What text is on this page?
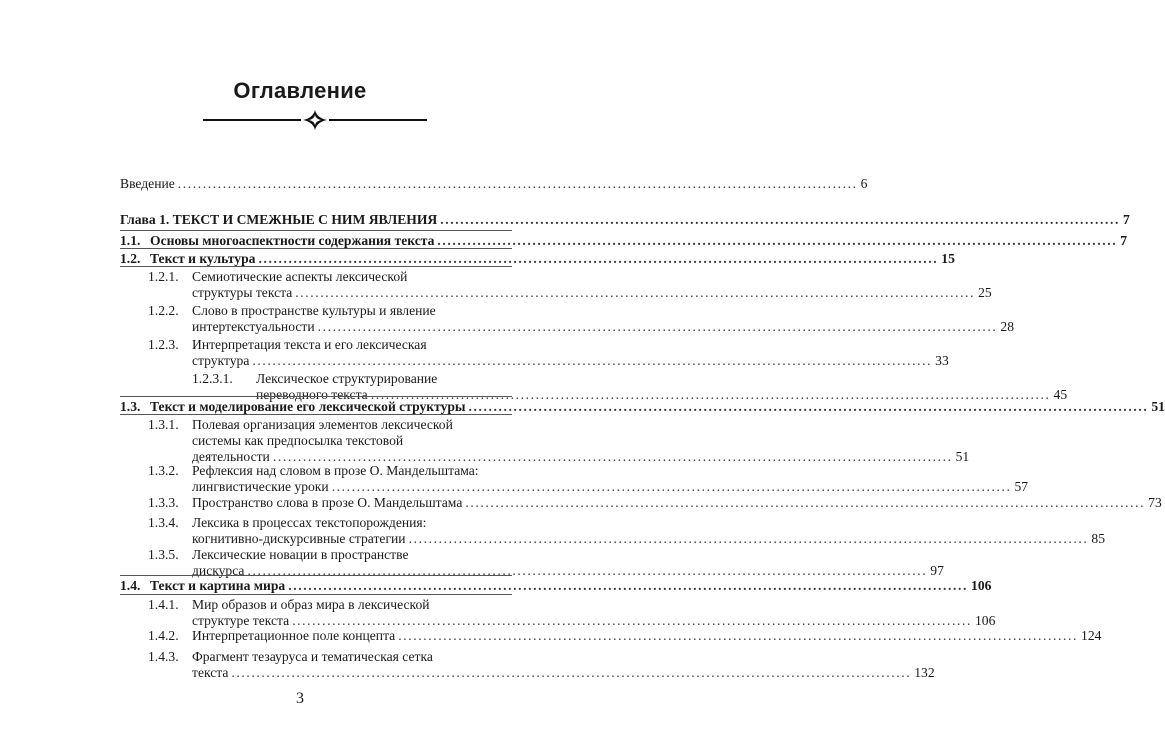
Оглавление
Введение ........................................................................................................................................ 6
Глава 1. ТЕКСТ И СМЕЖНЫЕ С НИМ ЯВЛЕНИЯ ........................................................................................................................................ 7
1.1. Основы многоаспектности содержания текста ........................................................................................................................................ 7
1.2. Текст и культура ........................................................................................................................................ 15
1.2.1. Семиотические аспекты лексической
структуры текста ........................................................................................................................................ 25
1.2.2. Слово в пространстве культуры и явление
интертекстуальности ........................................................................................................................................ 28
1.2.3. Интерпретация текста и его лексическая
структура ........................................................................................................................................ 33
1.2.3.1. Лексическое структурирование
переводного текста ........................................................................................................................................ 45
1.3. Текст и моделирование его лексической структуры ........................................................................................................................................ 51
1.3.1. Полевая организация элементов лексической
системы как предпосылка текстовой
деятельности ........................................................................................................................................ 51
1.3.2. Рефлексия над словом в прозе О. Мандельштама:
лингвистические уроки ........................................................................................................................................ 57
1.3.3. Пространство слова в прозе О. Мандельштама ........................................................................................................................................ 73
1.3.4. Лексика в процессах текстопорождения:
когнитивно-дискурсивные стратегии ........................................................................................................................................ 85
1.3.5. Лексические новации в пространстве
дискурса ........................................................................................................................................ 97
1.4. Текст и картина мира ........................................................................................................................................ 106
1.4.1. Мир образов и образ мира в лексической
структуре текста ........................................................................................................................................ 106
1.4.2. Интерпретационное поле концепта ........................................................................................................................................ 124
1.4.3. Фрагмент тезауруса и тематическая сетка
текста ........................................................................................................................................ 132
3
